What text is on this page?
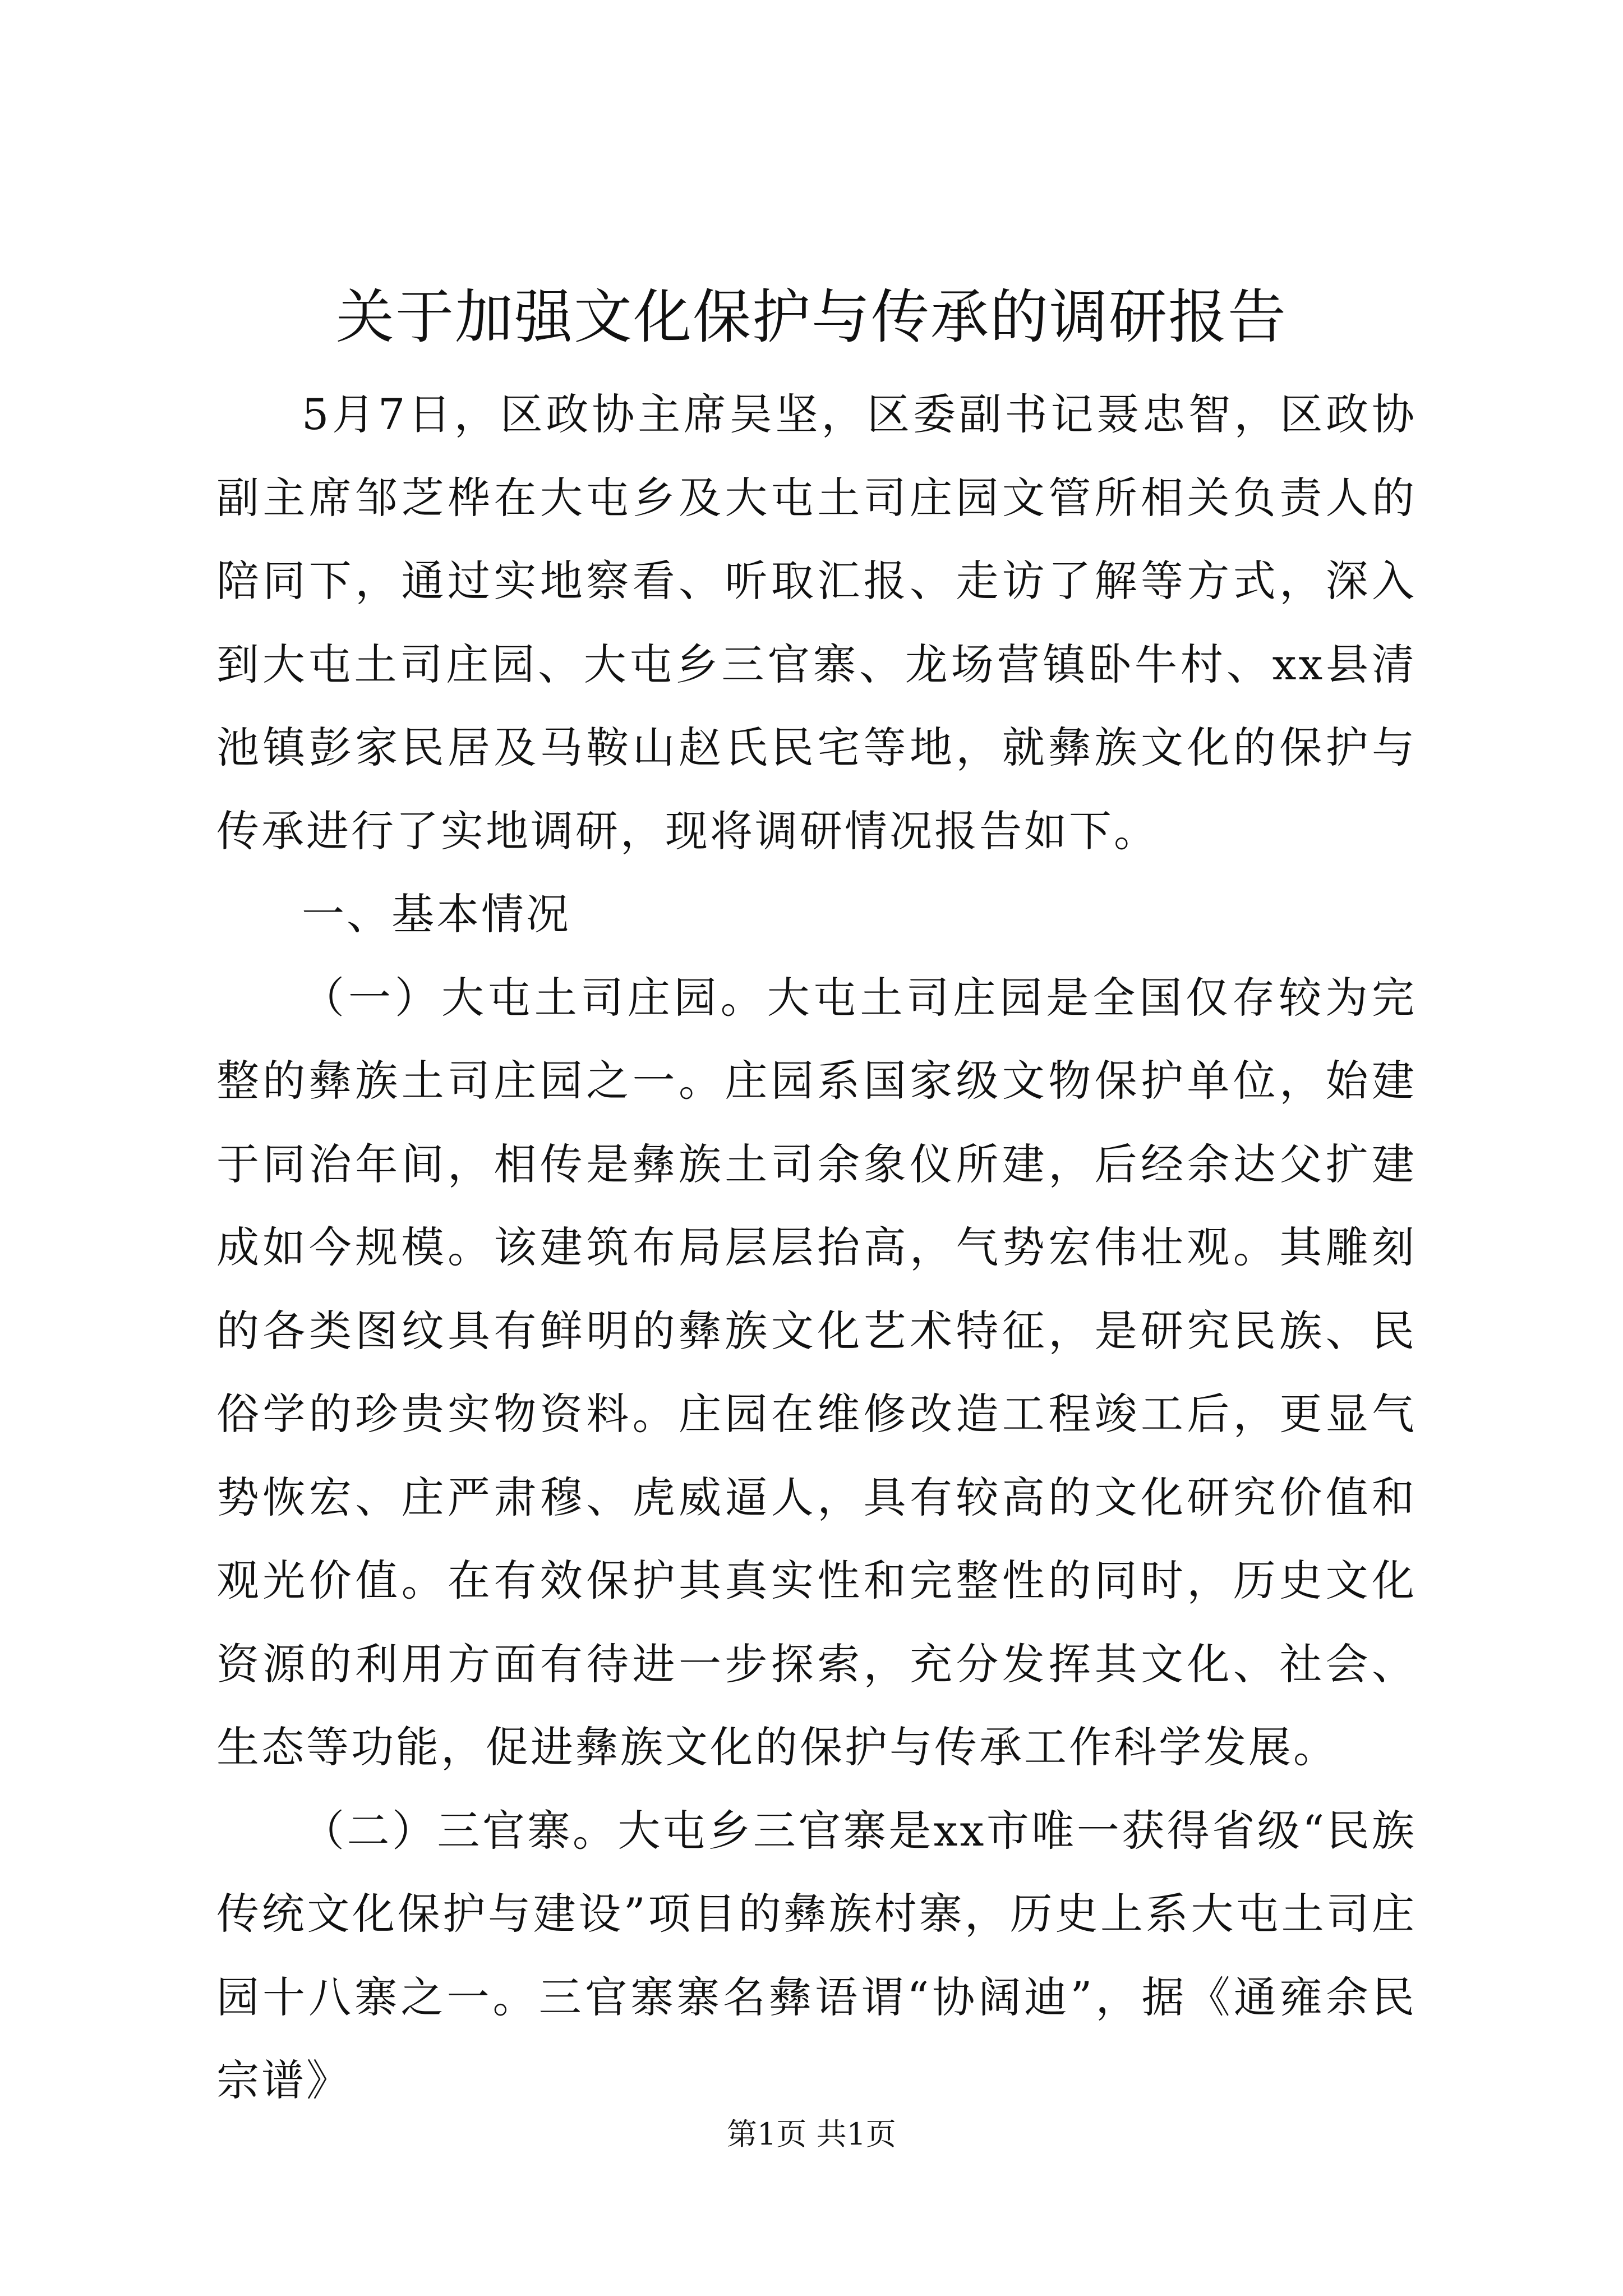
关于加强文化保护与传承的调研报告

5月7日，区政协主席吴坚，区委副书记聂忠智，区政协副主席邹芝桦在大屯乡及大屯土司庄园文管所相关负责人的陪同下，通过实地察看、听取汇报、走访了解等方式，深入到大屯土司庄园、大屯乡三官寨、龙场营镇卧牛村、xx县清池镇彭家民居及马鞍山赵氏民宅等地，就彝族文化的保护与传承进行了实地调研，现将调研情况报告如下。

一、基本情况

（一）大屯土司庄园。大屯土司庄园是全国仅存较为完整的彝族土司庄园之一。庄园系国家级文物保护单位，始建于同治年间，相传是彝族土司余象仪所建，后经余达父扩建成如今规模。该建筑布局层层抬高，气势宏伟壮观。其雕刻的各类图纹具有鲜明的彝族文化艺术特征，是研究民族、民俗学的珍贵实物资料。庄园在维修改造工程竣工后，更显气势恢宏、庄严肃穆、虎威逼人，具有较高的文化研究价值和观光价值。在有效保护其真实性和完整性的同时，历史文化资源的利用方面有待进一步探索，充分发挥其文化、社会、生态等功能，促进彝族文化的保护与传承工作科学发展。

（二）三官寨。大屯乡三官寨是xx市唯一获得省级“民族传统文化保护与建设”项目的彝族村寨，历史上系大屯土司庄园十八寨之一。三官寨寨名彝语谓“协阔迪”，据《通雍余民宗谱》

第1页 共1页
